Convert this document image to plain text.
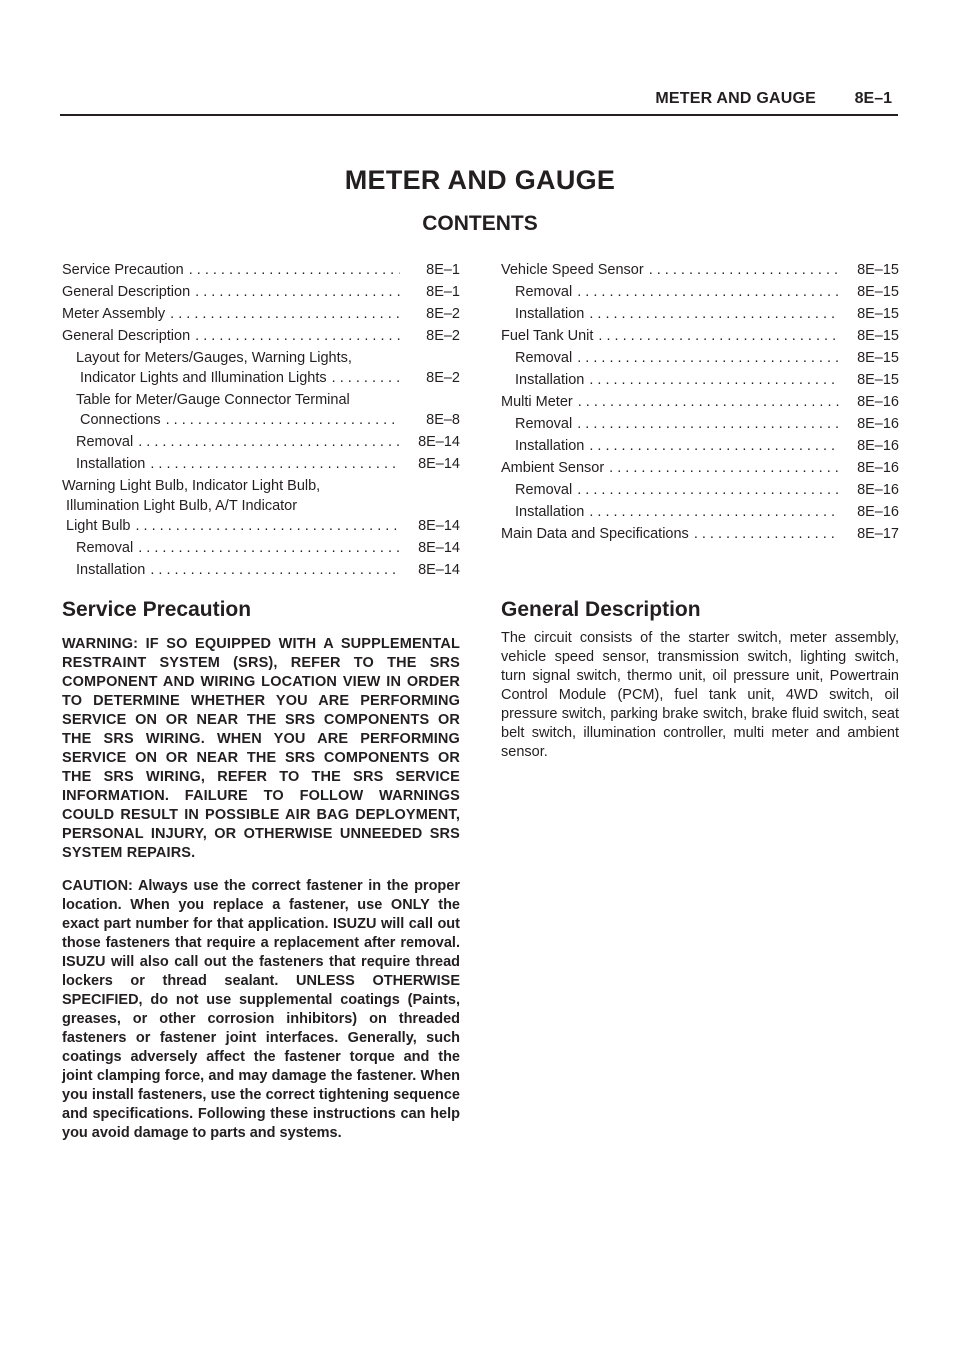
METER AND GAUGE 8E–1
METER AND GAUGE
CONTENTS
Service Precaution . . .	8E–1
General Description . . .	8E–1
Meter Assembly . . .	8E–2
General Description . . .	8E–2
Layout for Meters/Gauges, Warning Lights,
Indicator Lights and Illumination Lights . . .	8E–2
Table for Meter/Gauge Connector Terminal
Connections . . .	8E–8
Removal . . .	8E–14
Installation . . .	8E–14
Warning Light Bulb, Indicator Light Bulb,
Illumination Light Bulb, A/T Indicator
Light Bulb . . .	8E–14
Removal . . .	8E–14
Installation . . .	8E–14
Vehicle Speed Sensor . . .	8E–15
Removal . . .	8E–15
Installation . . .	8E–15
Fuel Tank Unit . . .	8E–15
Removal . . .	8E–15
Installation . . .	8E–15
Multi Meter . . .	8E–16
Removal . . .	8E–16
Installation . . .	8E–16
Ambient Sensor . . .	8E–16
Removal . . .	8E–16
Installation . . .	8E–16
Main Data and Specifications . . .	8E–17
Service Precaution

WARNING: IF SO EQUIPPED WITH A SUPPLEMENTAL RESTRAINT SYSTEM (SRS), REFER TO THE SRS COMPONENT AND WIRING LOCATION VIEW IN ORDER TO DETERMINE WHETHER YOU ARE PERFORMING SERVICE ON OR NEAR THE SRS COMPONENTS OR THE SRS WIRING. WHEN YOU ARE PERFORMING SERVICE ON OR NEAR THE SRS COMPONENTS OR THE SRS WIRING, REFER TO THE SRS SERVICE INFORMATION. FAILURE TO FOLLOW WARNINGS COULD RESULT IN POSSIBLE AIR BAG DEPLOYMENT, PERSONAL INJURY, OR OTHERWISE UNNEEDED SRS SYSTEM REPAIRS.

CAUTION: Always use the correct fastener in the proper location. When you replace a fastener, use ONLY the exact part number for that application. ISUZU will call out those fasteners that require a replacement after removal. ISUZU will also call out the fasteners that require thread lockers or thread sealant. UNLESS OTHERWISE SPECIFIED, do not use supplemental coatings (Paints, greases, or other corrosion inhibitors) on threaded fasteners or fastener joint interfaces. Generally, such coatings adversely affect the fastener torque and the joint clamping force, and may damage the fastener. When you install fasteners, use the correct tightening sequence and specifications. Following these instructions can help you avoid damage to parts and systems.

General Description

The circuit consists of the starter switch, meter assembly, vehicle speed sensor, transmission switch, lighting switch, turn signal switch, thermo unit, oil pressure unit, Powertrain Control Module (PCM), fuel tank unit, 4WD switch, oil pressure switch, parking brake switch, brake fluid switch, seat belt switch, illumination controller, multi meter and ambient sensor.
